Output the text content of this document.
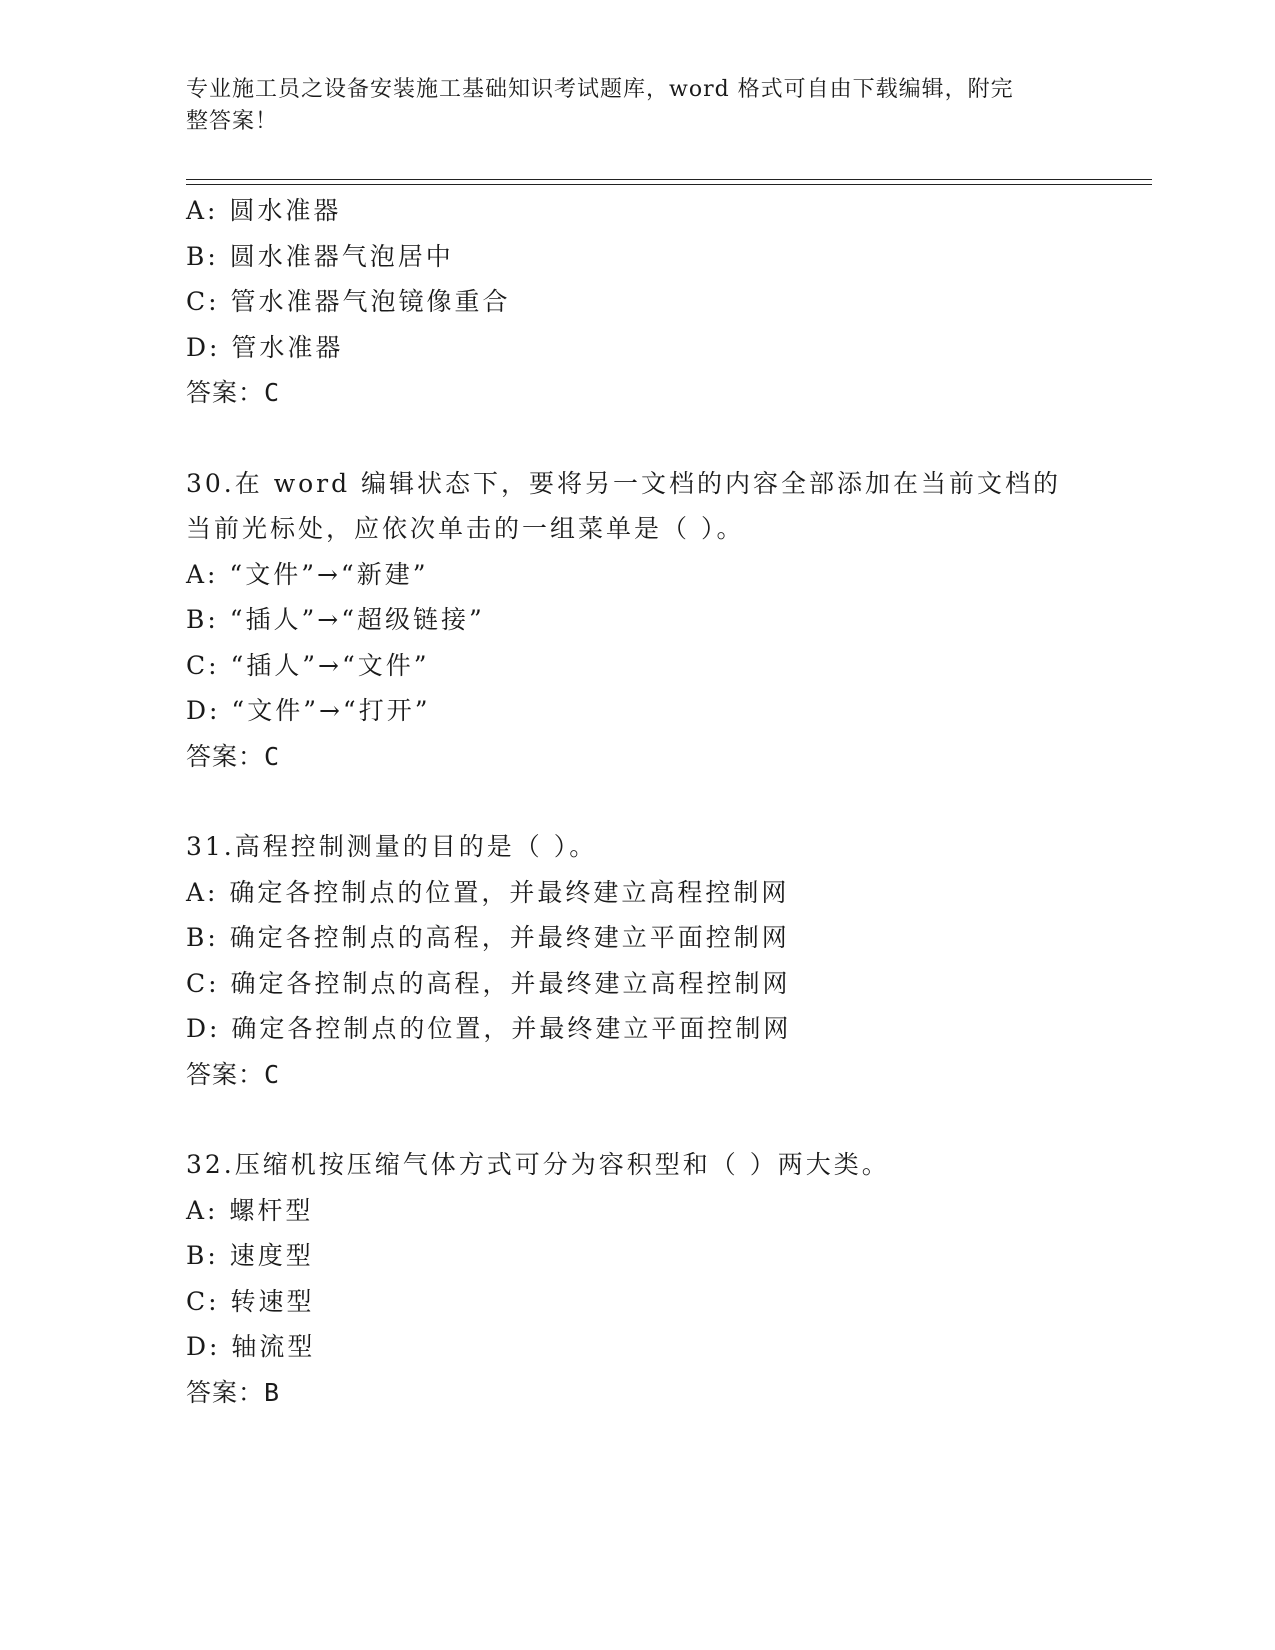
专业施工员之设备安装施工基础知识考试题库，word 格式可自由下载编辑，附完
整答案！
A: 圆水准器
B: 圆水准器气泡居中
C: 管水准器气泡镜像重合
D: 管水准器
答案：C
30.在 word 编辑状态下，要将另一文档的内容全部添加在当前文档的
当前光标处，应依次单击的一组菜单是（ ）。
A: “文件”→“新建”
B: “插人”→“超级链接”
C: “插人”→“文件”
D: “文件”→“打开”
答案：C
31.高程控制测量的目的是（ ）。
A: 确定各控制点的位置，并最终建立高程控制网
B: 确定各控制点的高程，并最终建立平面控制网
C: 确定各控制点的高程，并最终建立高程控制网
D: 确定各控制点的位置，并最终建立平面控制网
答案：C
32.压缩机按压缩气体方式可分为容积型和（ ）两大类。
A: 螺杆型
B: 速度型
C: 转速型
D: 轴流型
答案：B
